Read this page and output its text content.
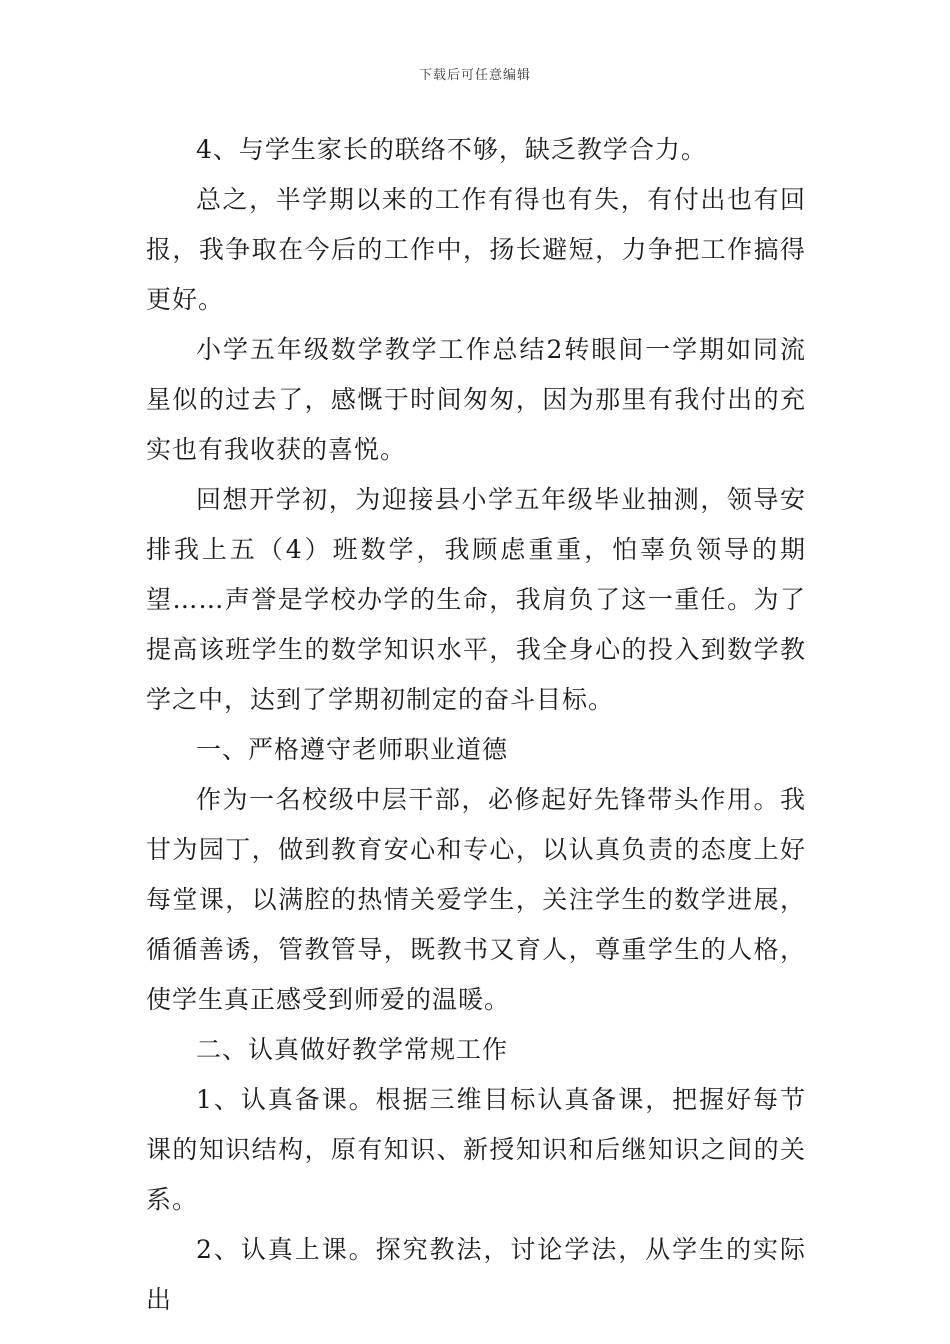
下载后可任意编辑

4、与学生家长的联络不够，缺乏教学合力。

总之，半学期以来的工作有得也有失，有付出也有回报，我争取在今后的工作中，扬长避短，力争把工作搞得更好。

小学五年级数学教学工作总结2转眼间一学期如同流星似的过去了，感慨于时间匆匆，因为那里有我付出的充实也有我收获的喜悦。

回想开学初，为迎接县小学五年级毕业抽测，领导安排我上五（4）班数学，我顾虑重重，怕辜负领导的期望……声誉是学校办学的生命，我肩负了这一重任。为了提高该班学生的数学知识水平，我全身心的投入到数学教学之中，达到了学期初制定的奋斗目标。

一、严格遵守老师职业道德

作为一名校级中层干部，必修起好先锋带头作用。我甘为园丁，做到教育安心和专心，以认真负责的态度上好每堂课，以满腔的热情关爱学生，关注学生的数学进展，循循善诱，管教管导，既教书又育人，尊重学生的人格，使学生真正感受到师爱的温暖。

二、认真做好教学常规工作

1、认真备课。根据三维目标认真备课，把握好每节课的知识结构，原有知识、新授知识和后继知识之间的关系。

2、认真上课。探究教法，讨论学法，从学生的实际出
